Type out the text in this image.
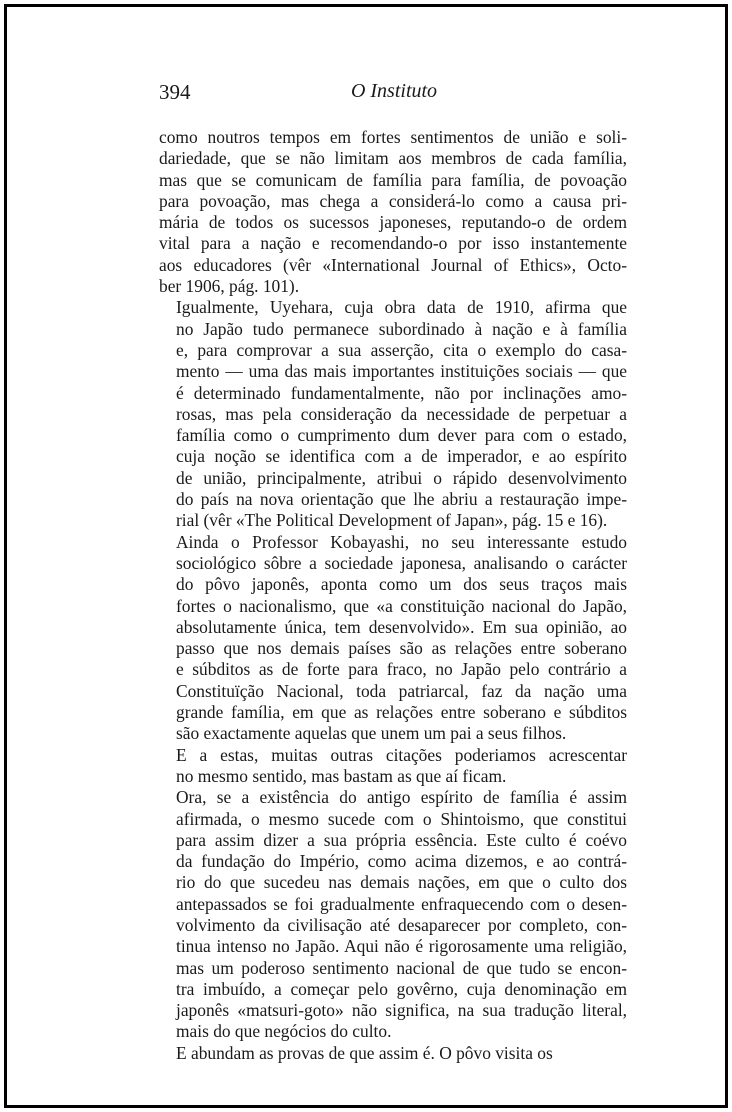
394	O Instituto

como noutros tempos em fortes sentimentos de união e soli-
dariedade, que se não limitam aos membros de cada família,
mas que se comunicam de família para família, de povoação
para povoação, mas chega a considerá-lo como a causa pri-
mária de todos os sucessos japoneses, reputando-o de ordem
vital para a nação e recomendando-o por isso instantemente
aos educadores (vêr «International Journal of Ethics», Octo-
ber 1906, pág. 101).

Igualmente, Uyehara, cuja obra data de 1910, afirma que
no Japão tudo permanece subordinado à nação e à família
e, para comprovar a sua asserção, cita o exemplo do casa-
mento — uma das mais importantes instituições sociais — que
é determinado fundamentalmente, não por inclinações amo-
rosas, mas pela consideração da necessidade de perpetuar a
família como o cumprimento dum dever para com o estado,
cuja noção se identifica com a de imperador, e ao espírito
de união, principalmente, atribui o rápido desenvolvimento
do país na nova orientação que lhe abriu a restauração impe-
rial (vêr «The Political Development of Japan», pág. 15 e 16).

Ainda o Professor Kobayashi, no seu interessante estudo
sociológico sôbre a sociedade japonesa, analisando o carácter
do pôvo japonês, aponta como um dos seus traços mais
fortes o nacionalismo, que «a constituição nacional do Japão,
absolutamente única, tem desenvolvido». Em sua opinião, ao
passo que nos demais países são as relações entre soberano
e súbditos as de forte para fraco, no Japão pelo contrário a
Constituïção Nacional, toda patriarcal, faz da nação uma
grande família, em que as relações entre soberano e súbditos
são exactamente aquelas que unem um pai a seus filhos.

E a estas, muitas outras citações poderiamos acrescentar
no mesmo sentido, mas bastam as que aí ficam.

Ora, se a existência do antigo espírito de família é assim
afirmada, o mesmo sucede com o Shintoismo, que constitui
para assim dizer a sua própria essência. Este culto é coévo
da fundação do Império, como acima dizemos, e ao contrá-
rio do que sucedeu nas demais nações, em que o culto dos
antepassados se foi gradualmente enfraquecendo com o desen-
volvimento da civilisação até desaparecer por completo, con-
tinua intenso no Japão. Aqui não é rigorosamente uma religião,
mas um poderoso sentimento nacional de que tudo se encon-
tra imbuído, a começar pelo govêrno, cuja denominação em
japonês «matsuri-goto» não significa, na sua tradução literal,
mais do que negócios do culto.

E abundam as provas de que assim é. O pôvo visita os
